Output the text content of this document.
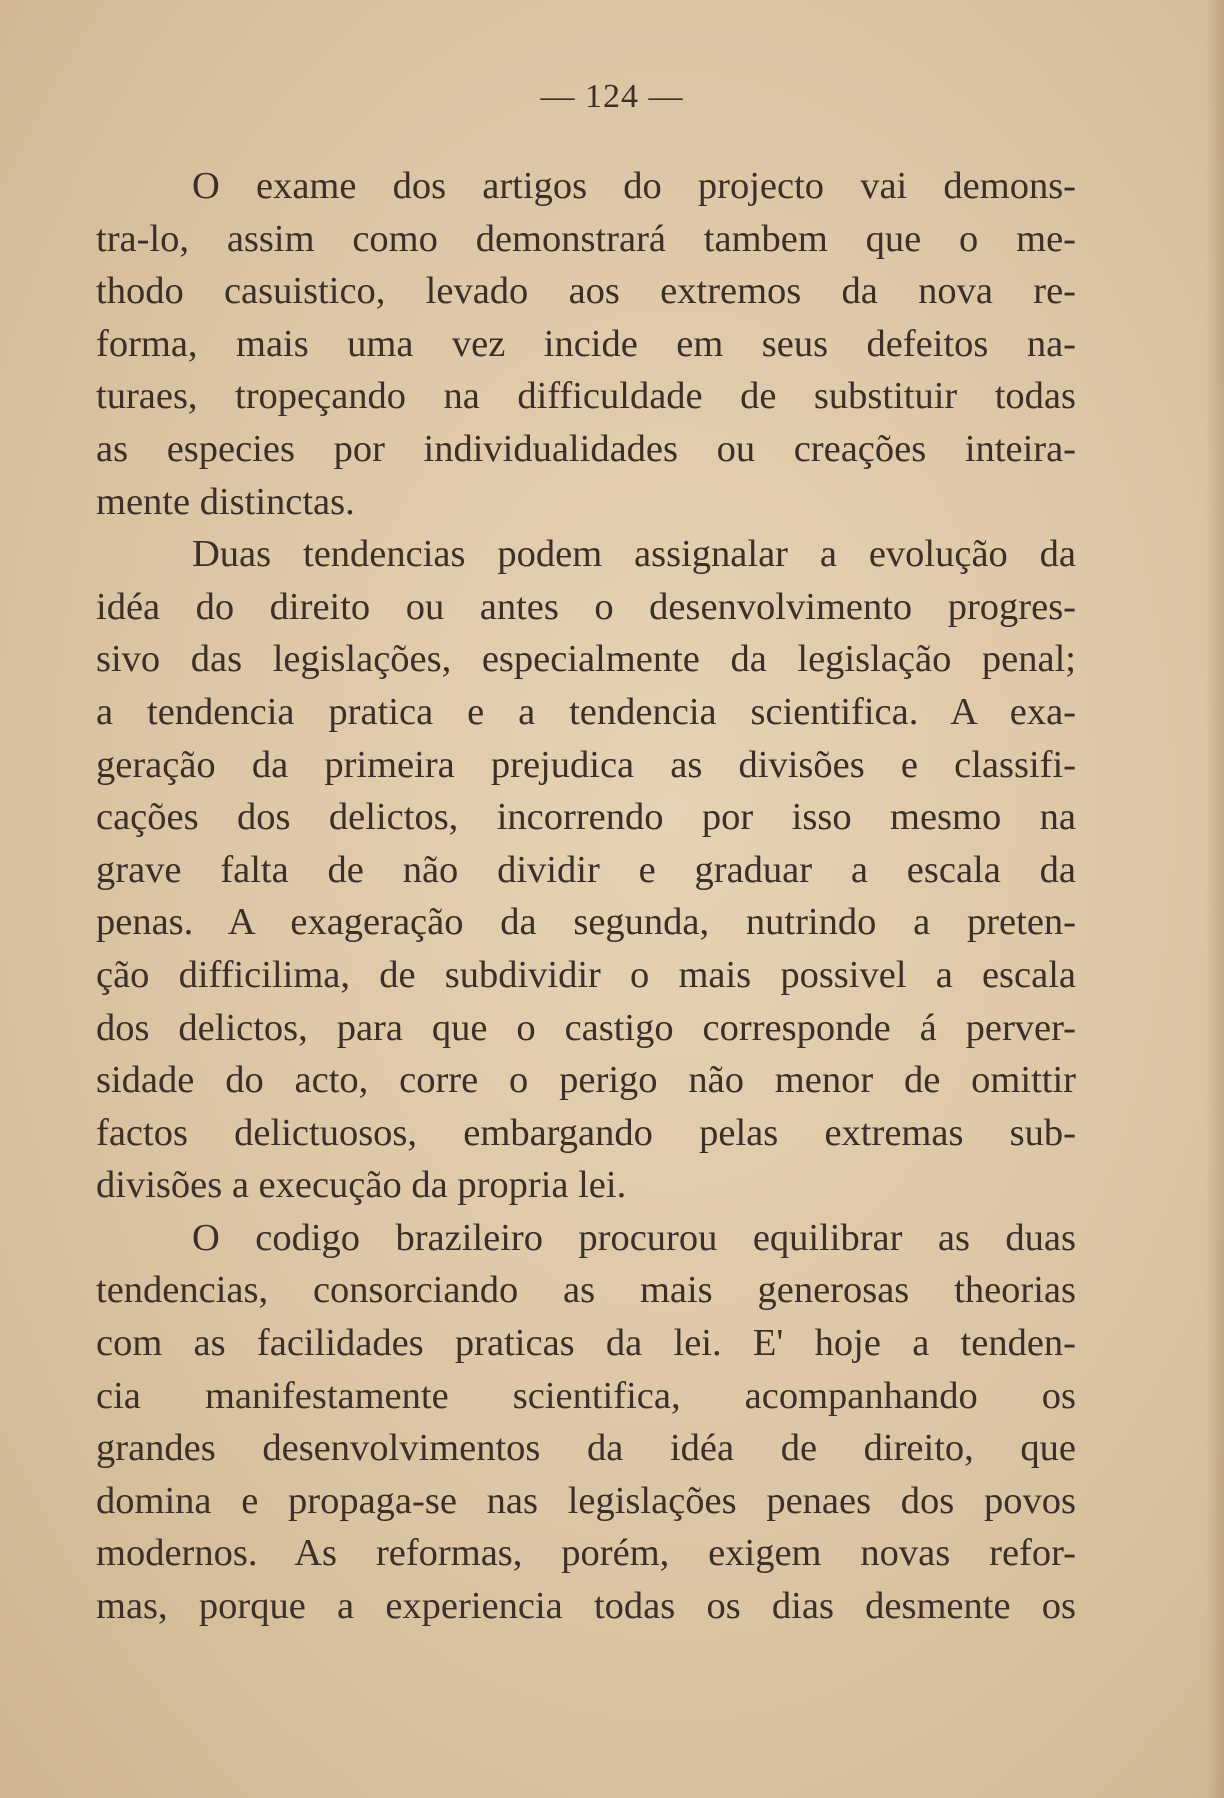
— 124 —
O exame dos artigos do projecto vai demons-
tra-lo, assim como demonstrará tambem que o me-
thodo casuistico, levado aos extremos da nova re-
forma, mais uma vez incide em seus defeitos na-
turaes, tropeçando na difficuldade de substituir todas
as especies por individualidades ou creações inteira-
mente distinctas.
Duas tendencias podem assignalar a evolução da
idéa do direito ou antes o desenvolvimento progres-
sivo das legislações, especialmente da legislação penal;
a tendencia pratica e a tendencia scientifica. A exa-
geração da primeira prejudica as divisões e classifi-
cações dos delictos, incorrendo por isso mesmo na
grave falta de não dividir e graduar a escala da
penas. A exageração da segunda, nutrindo a preten-
ção difficilima, de subdividir o mais possivel a escala
dos delictos, para que o castigo corresponde á perver-
sidade do acto, corre o perigo não menor de omittir
factos delictuosos, embargando pelas extremas sub-
divisões a execução da propria lei.
O codigo brazileiro procurou equilibrar as duas
tendencias, consorciando as mais generosas theorias
com as facilidades praticas da lei. E' hoje a tenden-
cia manifestamente scientifica, acompanhando os
grandes desenvolvimentos da idéa de direito, que
domina e propaga-se nas legislações penaes dos povos
modernos. As reformas, porém, exigem novas refor-
mas, porque a experiencia todas os dias desmente os
